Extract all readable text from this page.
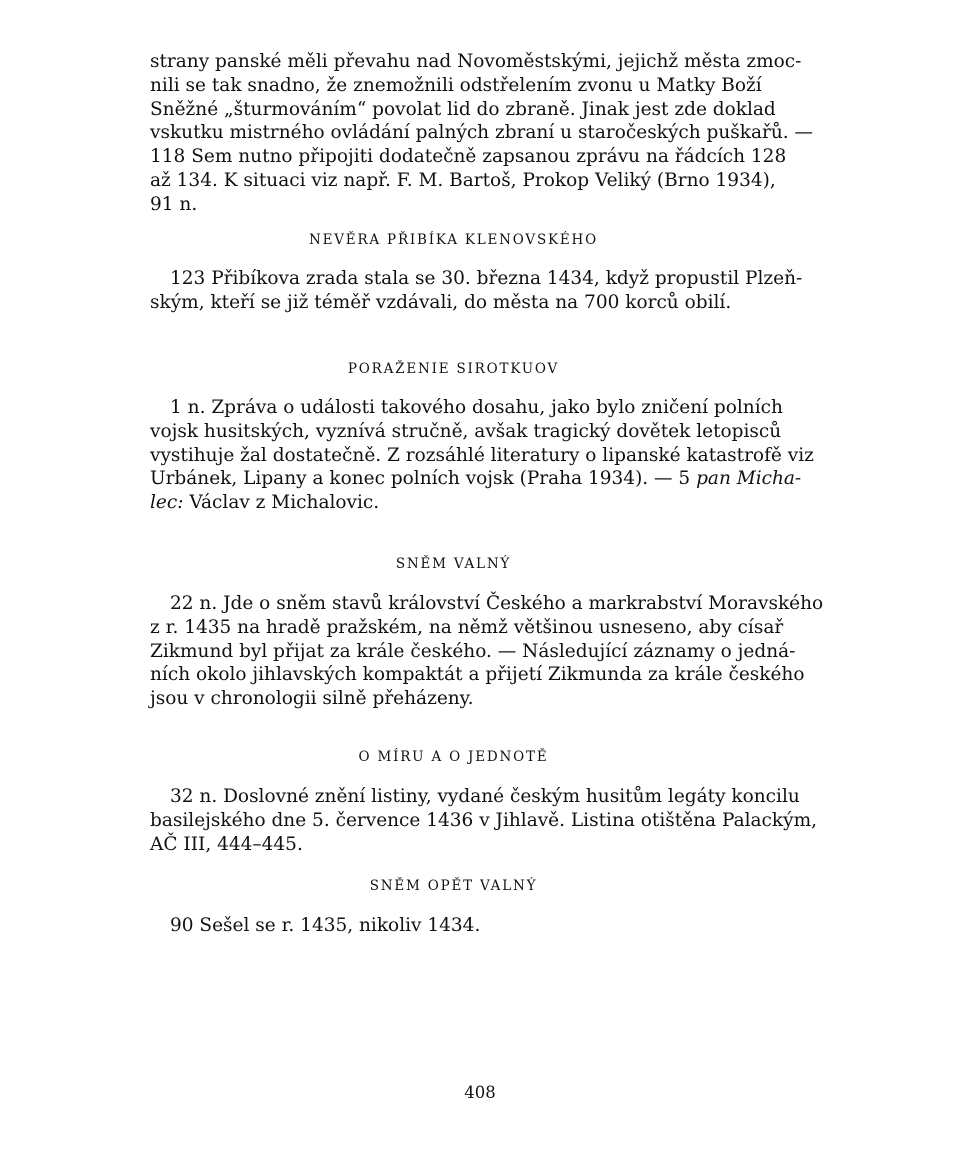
strany panské měli převahu nad Novoměstskými, jejichž města zmoc-
nili se tak snadno, že znemožnili odstřelením zvonu u Matky Boží
Sněžné „šturmováním“ povolat lid do zbraně. Jinak jest zde doklad
vskutku mistrného ovládání palných zbraní u staročeských puškařů. —
118 Sem nutno připojiti dodatečně zapsanou zprávu na řádcích 128
až 134. K situaci viz např. F. M. Bartoš, Prokop Veliký (Brno 1934),
91 n.
NEVĚRA PŘIBÍKA KLENOVSKÉHO
123 Přibíkova zrada stala se 30. března 1434, když propustil Plzeň-
ským, kteří se již téměř vzdávali, do města na 700 korců obilí.
PORAŽENIE SIROTKUOV
1 n. Zpráva o události takového dosahu, jako bylo zničení polních
vojsk husitských, vyznívá stručně, avšak tragický dovětek letopisců
vystihuje žal dostatečně. Z rozsáhlé literatury o lipanské katastrofě viz
Urbánek, Lipany a konec polních vojsk (Praha 1934). — 5 pan Micha-
lec: Václav z Michalovic.
SNĚM VALNÝ
22 n. Jde o sněm stavů království Českého a markrabství Moravského
z r. 1435 na hradě pražském, na němž většinou usneseno, aby císař
Zikmund byl přijat za krále českého. — Následující záznamy o jedná-
ních okolo jihlavských kompaktát a přijetí Zikmunda za krále českého
jsou v chronologii silně přeházeny.
O MÍRU A O JEDNOTĚ
32 n. Doslovné znění listiny, vydané českým husitům legáty koncilu
basilejského dne 5. července 1436 v Jihlavě. Listina otištěna Palackým,
AČ III, 444–445.
SNĚM OPĚT VALNÝ
90 Sešel se r. 1435, nikoliv 1434.
408
